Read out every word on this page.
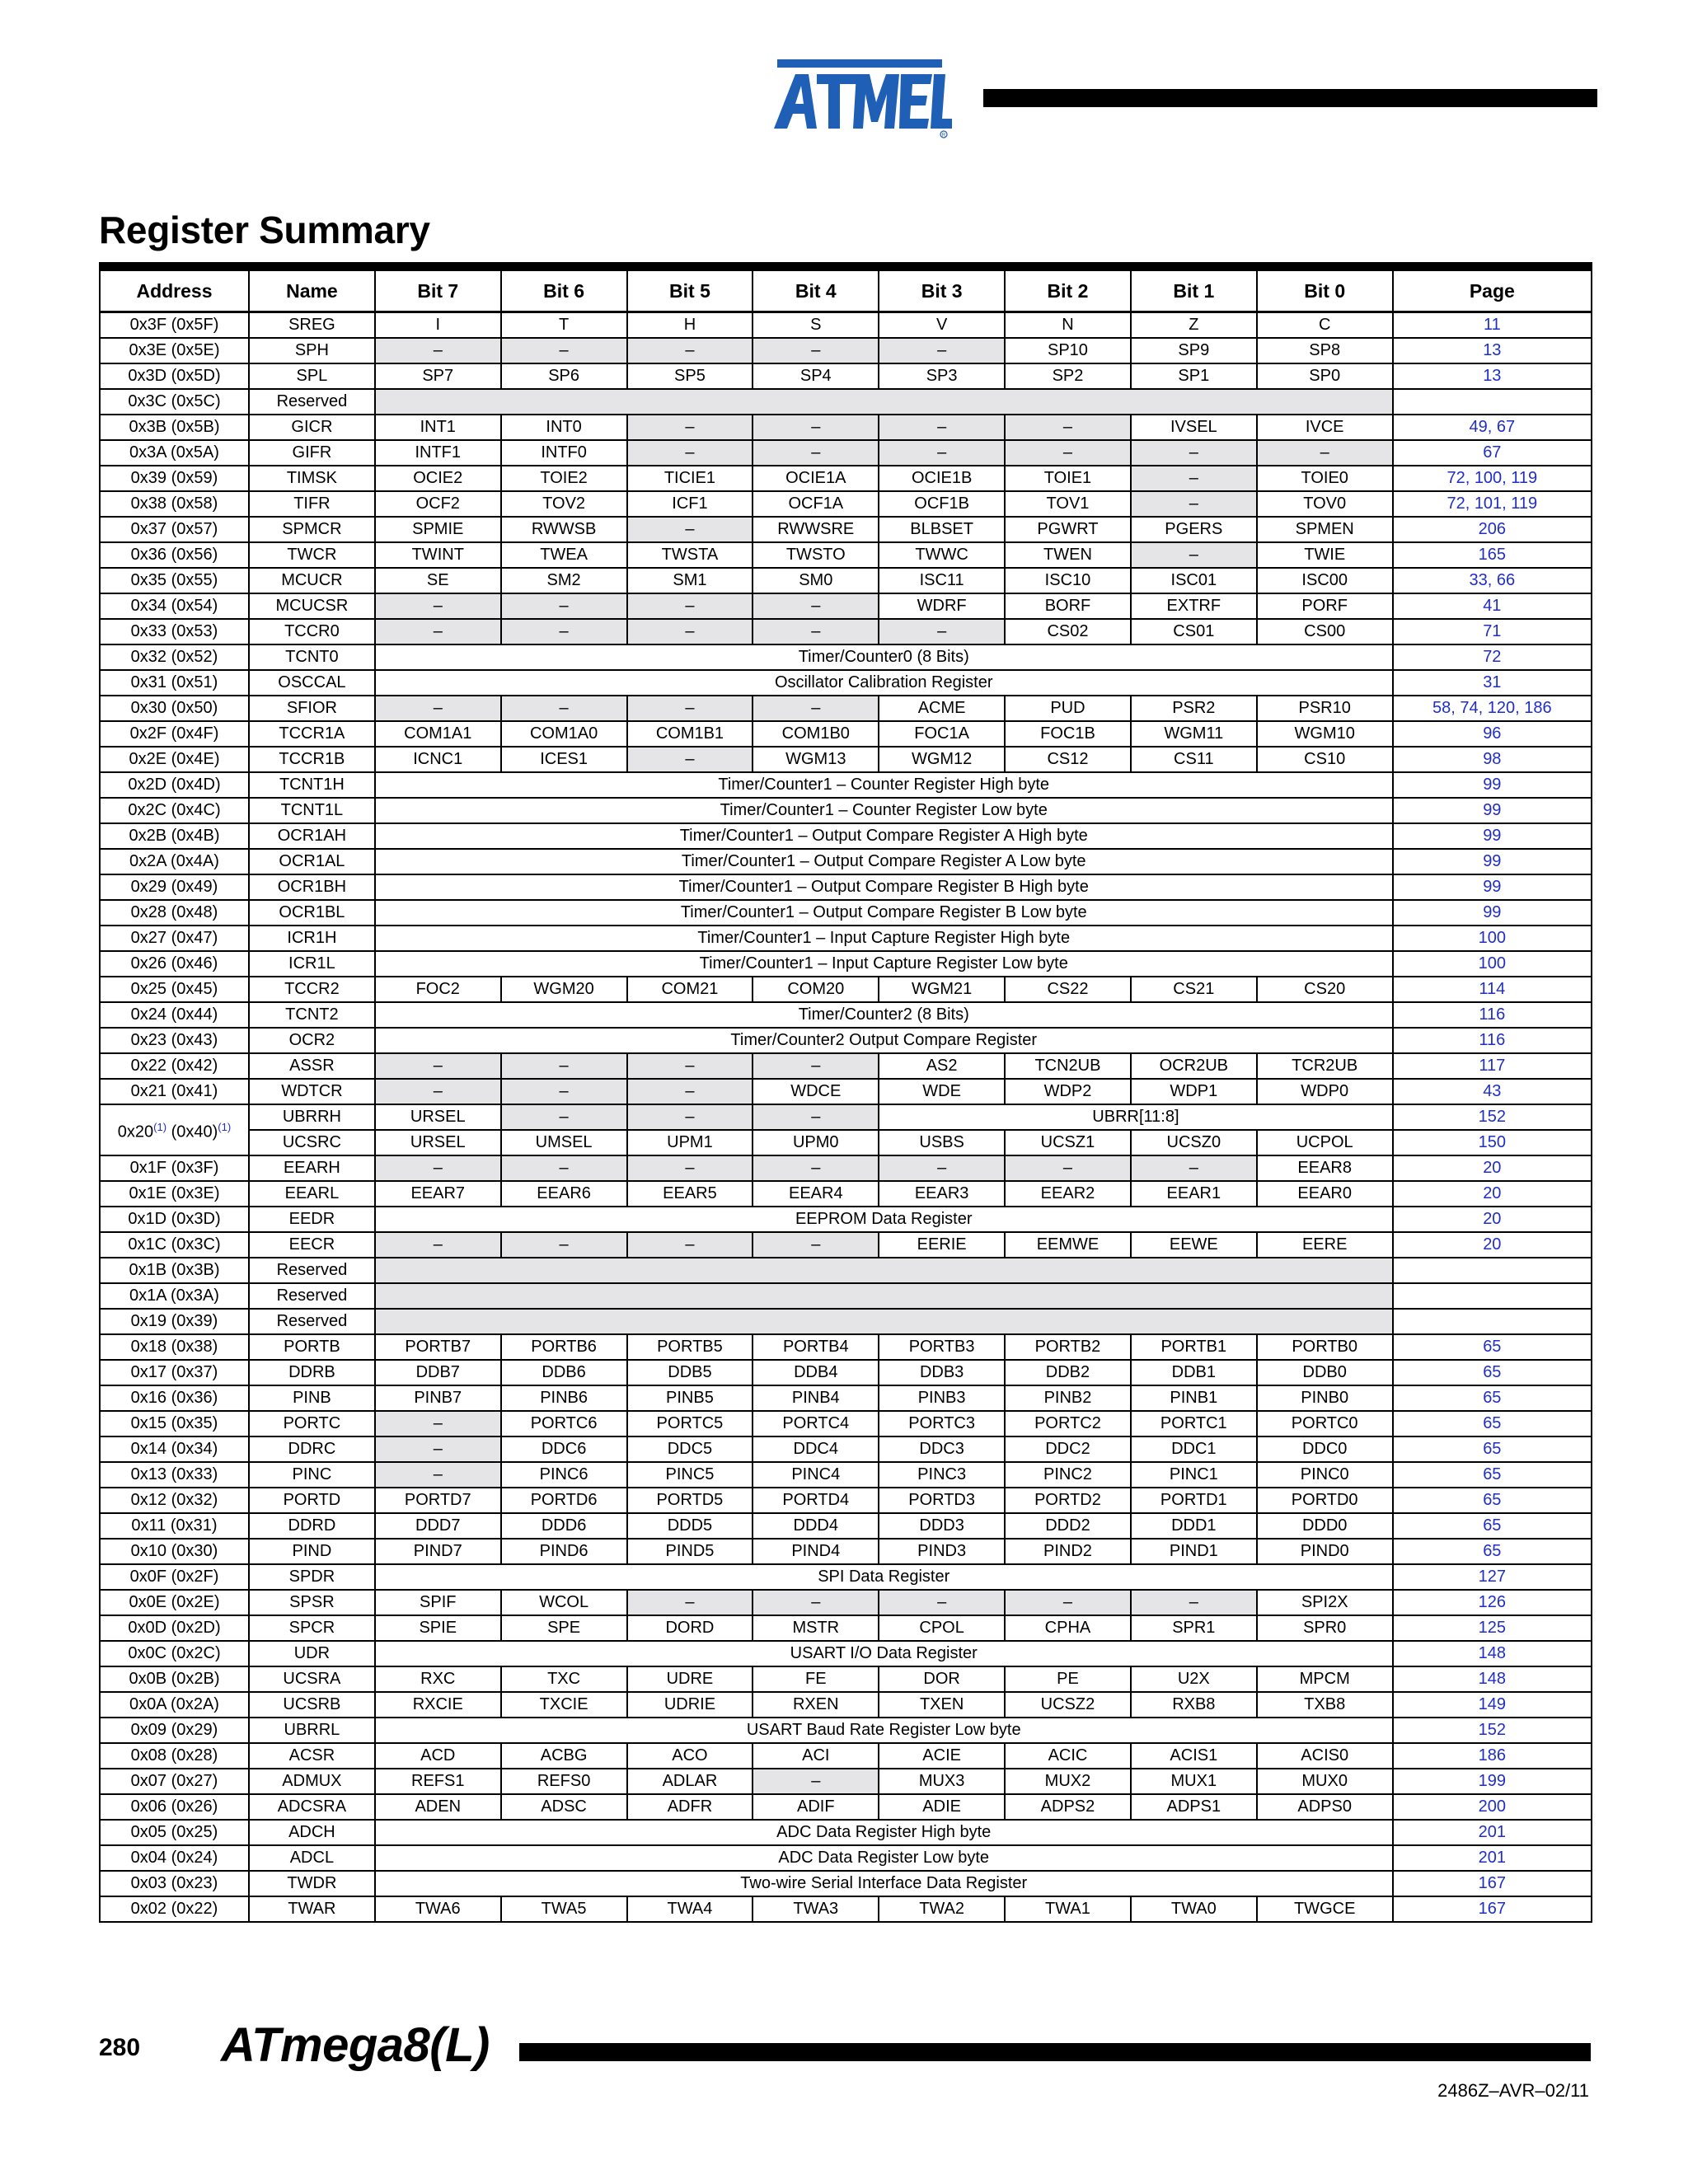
R
Register Summary
Address	Name	Bit 7	Bit 6	Bit 5	Bit 4	Bit 3	Bit 2	Bit 1	Bit 0	Page
0x3F (0x5F)	SREG	I	T	H	S	V	N	Z	C	11
0x3E (0x5E)	SPH	–	–	–	–	–	SP10	SP9	SP8	13
0x3D (0x5D)	SPL	SP7	SP6	SP5	SP4	SP3	SP2	SP1	SP0	13
0x3C (0x5C)	Reserved									
0x3B (0x5B)	GICR	INT1	INT0	–	–	–	–	IVSEL	IVCE	49, 67
0x3A (0x5A)	GIFR	INTF1	INTF0	–	–	–	–	–	–	67
0x39 (0x59)	TIMSK	OCIE2	TOIE2	TICIE1	OCIE1A	OCIE1B	TOIE1	–	TOIE0	72, 100, 119
0x38 (0x58)	TIFR	OCF2	TOV2	ICF1	OCF1A	OCF1B	TOV1	–	TOV0	72, 101, 119
0x37 (0x57)	SPMCR	SPMIE	RWWSB	–	RWWSRE	BLBSET	PGWRT	PGERS	SPMEN	206
0x36 (0x56)	TWCR	TWINT	TWEA	TWSTA	TWSTO	TWWC	TWEN	–	TWIE	165
0x35 (0x55)	MCUCR	SE	SM2	SM1	SM0	ISC11	ISC10	ISC01	ISC00	33, 66
0x34 (0x54)	MCUCSR	–	–	–	–	WDRF	BORF	EXTRF	PORF	41
0x33 (0x53)	TCCR0	–	–	–	–	–	CS02	CS01	CS00	71
0x32 (0x52)	TCNT0	Timer/Counter0 (8 Bits)								72
0x31 (0x51)	OSCCAL	Oscillator Calibration Register								31
0x30 (0x50)	SFIOR	–	–	–	–	ACME	PUD	PSR2	PSR10	58, 74, 120, 186
0x2F (0x4F)	TCCR1A	COM1A1	COM1A0	COM1B1	COM1B0	FOC1A	FOC1B	WGM11	WGM10	96
0x2E (0x4E)	TCCR1B	ICNC1	ICES1	–	WGM13	WGM12	CS12	CS11	CS10	98
0x2D (0x4D)	TCNT1H	Timer/Counter1 – Counter Register High byte								99
0x2C (0x4C)	TCNT1L	Timer/Counter1 – Counter Register Low byte								99
0x2B (0x4B)	OCR1AH	Timer/Counter1 – Output Compare Register A High byte								99
0x2A (0x4A)	OCR1AL	Timer/Counter1 – Output Compare Register A Low byte								99
0x29 (0x49)	OCR1BH	Timer/Counter1 – Output Compare Register B High byte								99
0x28 (0x48)	OCR1BL	Timer/Counter1 – Output Compare Register B Low byte								99
0x27 (0x47)	ICR1H	Timer/Counter1 – Input Capture Register High byte								100
0x26 (0x46)	ICR1L	Timer/Counter1 – Input Capture Register Low byte								100
0x25 (0x45)	TCCR2	FOC2	WGM20	COM21	COM20	WGM21	CS22	CS21	CS20	114
0x24 (0x44)	TCNT2	Timer/Counter2 (8 Bits)								116
0x23 (0x43)	OCR2	Timer/Counter2 Output Compare Register								116
0x22 (0x42)	ASSR	–	–	–	–	AS2	TCN2UB	OCR2UB	TCR2UB	117
0x21 (0x41)	WDTCR	–	–	–	WDCE	WDE	WDP2	WDP1	WDP0	43
0x20$^{(1)}$ $(0x40)^{(1)}$	UBRRH	URSEL	–	–	–	UBRR[11:8]				152
	UCSRC	URSEL	UMSEL	UPM1	UPM0	USBS	UCSZ1	UCSZ0	UCPOL	150
0x1F (0x3F)	EEARH	–	–	–	–	–	–	–	EEAR8	20
0x1E (0x3E)	EEARL	EEAR7	EEAR6	EEAR5	EEAR4	EEAR3	EEAR2	EEAR1	EEAR0	20
0x1D (0x3D)	EEDR	EEPROM Data Register								20
0x1C (0x3C)	EECR	–	–	–	–	EERIE	EEMWE	EEWE	EERE	20
0x1B (0x3B)	Reserved									
0x1A (0x3A)	Reserved									
0x19 (0x39)	Reserved									
0x18 (0x38)	PORTB	PORTB7	PORTB6	PORTB5	PORTB4	PORTB3	PORTB2	PORTB1	PORTB0	65
0x17 (0x37)	DDRB	DDB7	DDB6	DDB5	DDB4	DDB3	DDB2	DDB1	DDB0	65
0x16 (0x36)	PINB	PINB7	PINB6	PINB5	PINB4	PINB3	PINB2	PINB1	PINB0	65
0x15 (0x35)	PORTC	–	PORTC6	PORTC5	PORTC4	PORTC3	PORTC2	PORTC1	PORTC0	65
0x14 (0x34)	DDRC	–	DDC6	DDC5	DDC4	DDC3	DDC2	DDC1	DDC0	65
0x13 (0x33)	PINC	–	PINC6	PINC5	PINC4	PINC3	PINC2	PINC1	PINC0	65
0x12 (0x32)	PORTD	PORTD7	PORTD6	PORTD5	PORTD4	PORTD3	PORTD2	PORTD1	PORTD0	65
0x11 (0x31)	DDRD	DDD7	DDD6	DDD5	DDD4	DDD3	DDD2	DDD1	DDD0	65
0x10 (0x30)	PIND	PIND7	PIND6	PIND5	PIND4	PIND3	PIND2	PIND1	PIND0	65
0x0F (0x2F)	SPDR	SPI Data Register								127
0x0E (0x2E)	SPSR	SPIF	WCOL	–	–	–	–	–	SPI2X	126
0x0D (0x2D)	SPCR	SPIE	SPE	DORD	MSTR	CPOL	CPHA	SPR1	SPR0	125
0x0C (0x2C)	UDR	USART I/O Data Register								148
0x0B (0x2B)	UCSRA	RXC	TXC	UDRE	FE	DOR	PE	U2X	MPCM	148
0x0A (0x2A)	UCSRB	RXCIE	TXCIE	UDRIE	RXEN	TXEN	UCSZ2	RXB8	TXB8	149
0x09 (0x29)	UBRRL	USART Baud Rate Register Low byte								152
0x08 (0x28)	ACSR	ACD	ACBG	ACO	ACI	ACIE	ACIC	ACIS1	ACIS0	186
0x07 (0x27)	ADMUX	REFS1	REFS0	ADLAR	–	MUX3	MUX2	MUX1	MUX0	199
0x06 (0x26)	ADCSRA	ADEN	ADSC	ADFR	ADIF	ADIE	ADPS2	ADPS1	ADPS0	200
0x05 (0x25)	ADCH	ADC Data Register High byte								201
0x04 (0x24)	ADCL	ADC Data Register Low byte								201
0x03 (0x23)	TWDR	Two-wire Serial Interface Data Register								167
0x02 (0x22)	TWAR	TWA6	TWA5	TWA4	TWA3	TWA2	TWA1	TWA0	TWGCE	167
280 ATmega8(L)
2486Z–AVR–02/11
